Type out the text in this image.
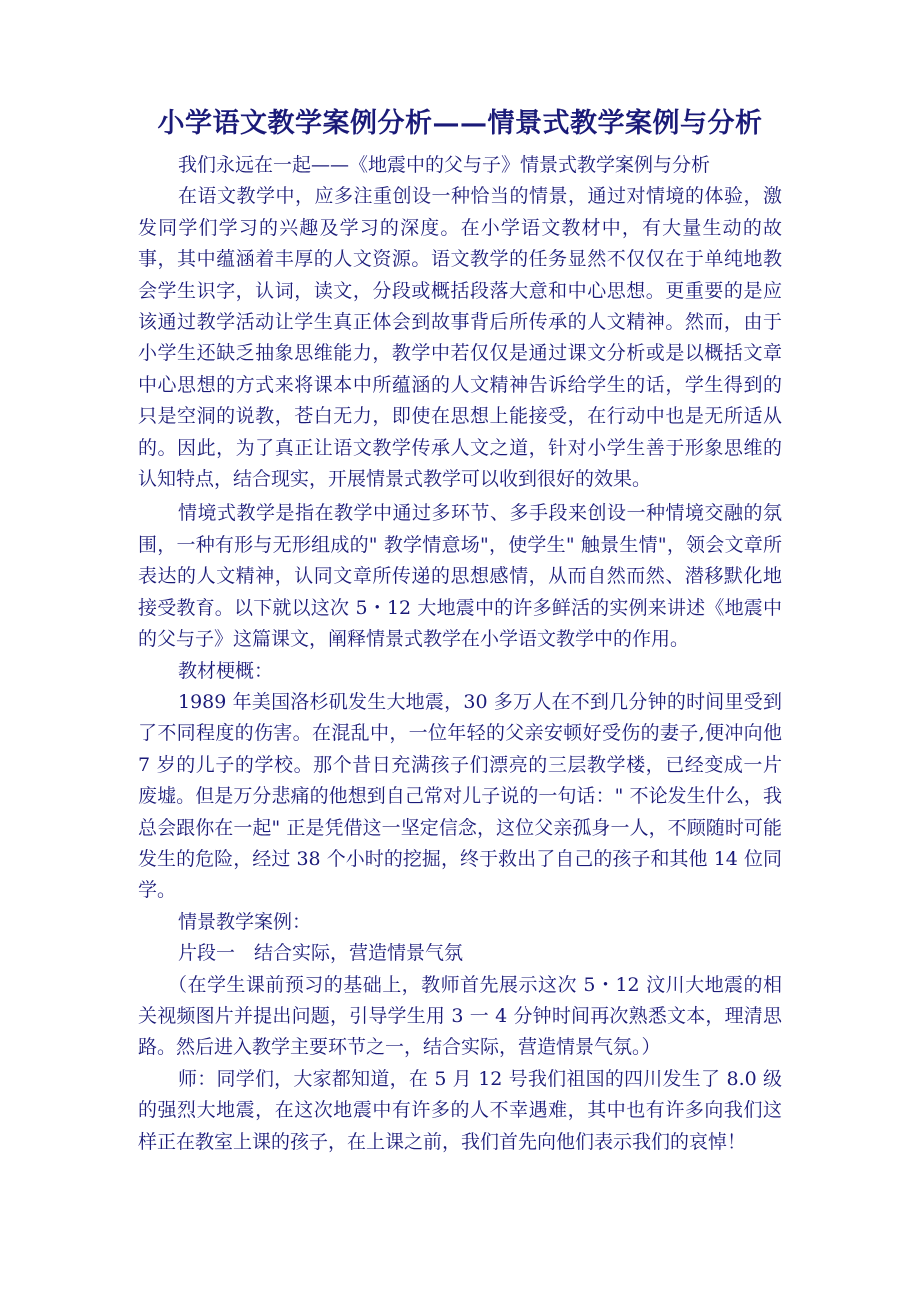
小学语文教学案例分析——情景式教学案例与分析

我们永远在一起——《地震中的父与子》情景式教学案例与分析

在语文教学中，应多注重创设一种恰当的情景，通过对情境的体验，激发同学们学习的兴趣及学习的深度。在小学语文教材中，有大量生动的故事，其中蕴涵着丰厚的人文资源。语文教学的任务显然不仅仅在于单纯地教会学生识字，认词，读文，分段或概括段落大意和中心思想。更重要的是应该通过教学活动让学生真正体会到故事背后所传承的人文精神。然而，由于小学生还缺乏抽象思维能力，教学中若仅仅是通过课文分析或是以概括文章中心思想的方式来将课本中所蕴涵的人文精神告诉给学生的话，学生得到的只是空洞的说教，苍白无力，即使在思想上能接受，在行动中也是无所适从的。因此，为了真正让语文教学传承人文之道，针对小学生善于形象思维的认知特点，结合现实，开展情景式教学可以收到很好的效果。

情境式教学是指在教学中通过多环节、多手段来创设一种情境交融的氛围，一种有形与无形组成的" 教学情意场"，使学生" 触景生情"，领会文章所表达的人文精神，认同文章所传递的思想感情，从而自然而然、潜移默化地接受教育。以下就以这次 5・12 大地震中的许多鲜活的实例来讲述《地震中的父与子》这篇课文，阐释情景式教学在小学语文教学中的作用。

教材梗概：

1989 年美国洛杉矶发生大地震，30 多万人在不到几分钟的时间里受到了不同程度的伤害。在混乱中，一位年轻的父亲安顿好受伤的妻子,便冲向他 7 岁的儿子的学校。那个昔日充满孩子们漂亮的三层教学楼，已经变成一片废墟。但是万分悲痛的他想到自己常对儿子说的一句话：" 不论发生什么，我总会跟你在一起" 正是凭借这一坚定信念，这位父亲孤身一人，不顾随时可能发生的危险，经过 38 个小时的挖掘，终于救出了自己的孩子和其他 14 位同学。

情景教学案例：

片段一　结合实际，营造情景气氛

（在学生课前预习的基础上，教师首先展示这次 5・12 汶川大地震的相关视频图片并提出问题，引导学生用 3 一 4 分钟时间再次熟悉文本，理清思路。然后进入教学主要环节之一，结合实际，营造情景气氛。）

师：同学们，大家都知道，在 5 月 12 号我们祖国的四川发生了 8.0 级的强烈大地震，在这次地震中有许多的人不幸遇难，其中也有许多向我们这样正在教室上课的孩子，在上课之前，我们首先向他们表示我们的哀悼！
